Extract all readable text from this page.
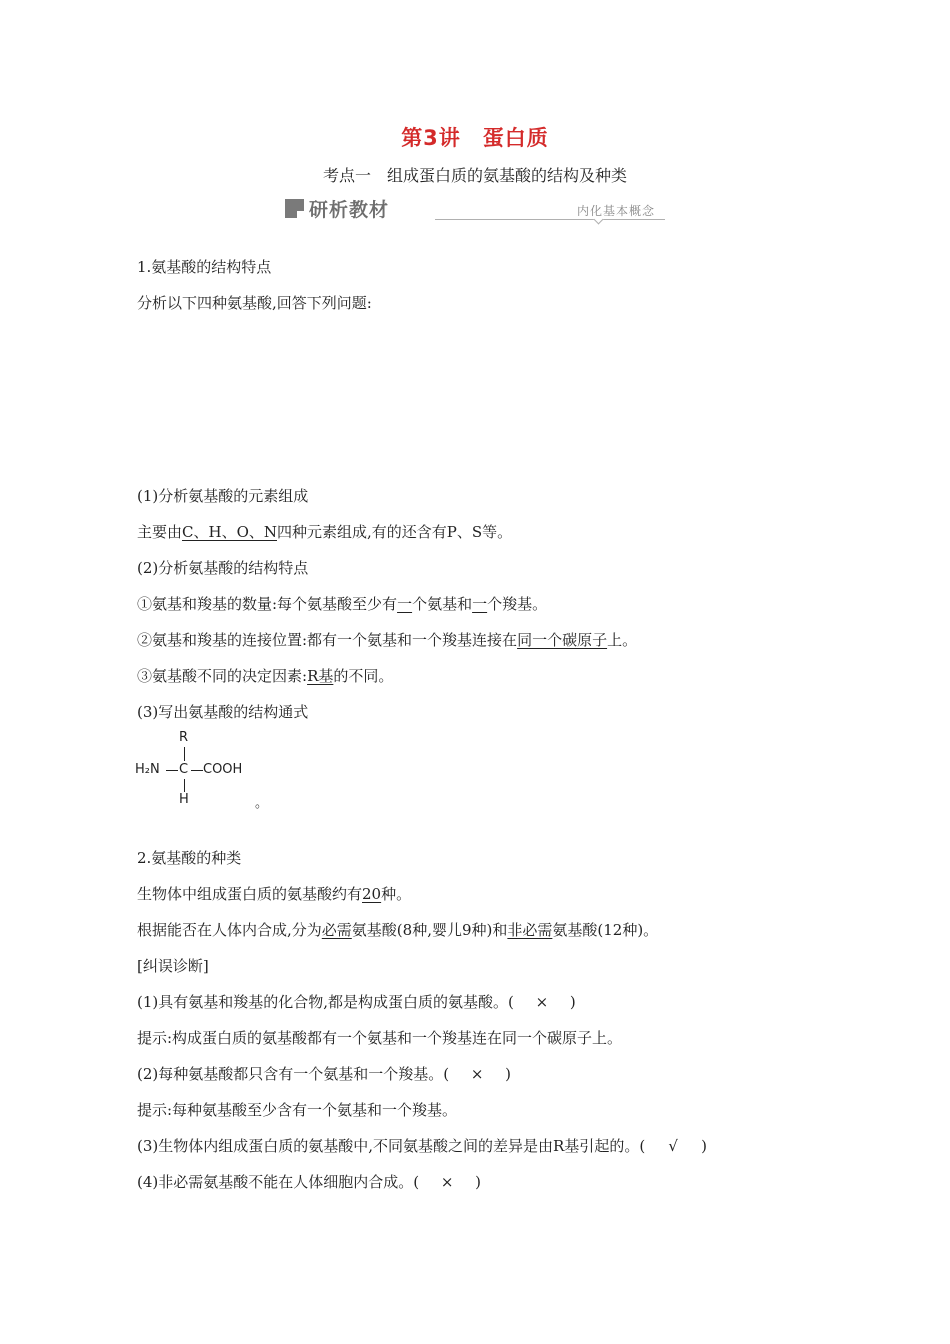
第3讲　蛋白质
考点一　组成蛋白质的氨基酸的结构及种类
研析教材	内化基本概念
1.氨基酸的结构特点
分析以下四种氨基酸,回答下列问题:
(1)分析氨基酸的元素组成
主要由C、H、O、N四种元素组成,有的还含有P、S等。
(2)分析氨基酸的结构特点
①氨基和羧基的数量:每个氨基酸至少有一个氨基和一个羧基。
②氨基和羧基的连接位置:都有一个氨基和一个羧基连接在同一个碳原子上。
③氨基酸不同的决定因素:R基的不同。
(3)写出氨基酸的结构通式
R
H₂N C COOH
H	。
2.氨基酸的种类
生物体中组成蛋白质的氨基酸约有20种。
根据能否在人体内合成,分为必需氨基酸(8种,婴儿9种)和非必需氨基酸(12种)。
[纠误诊断]
(1)具有氨基和羧基的化合物,都是构成蛋白质的氨基酸。( × )
提示:构成蛋白质的氨基酸都有一个氨基和一个羧基连在同一个碳原子上。
(2)每种氨基酸都只含有一个氨基和一个羧基。( × )
提示:每种氨基酸至少含有一个氨基和一个羧基。
(3)生物体内组成蛋白质的氨基酸中,不同氨基酸之间的差异是由R基引起的。( √ )
(4)非必需氨基酸不能在人体细胞内合成。( × )
